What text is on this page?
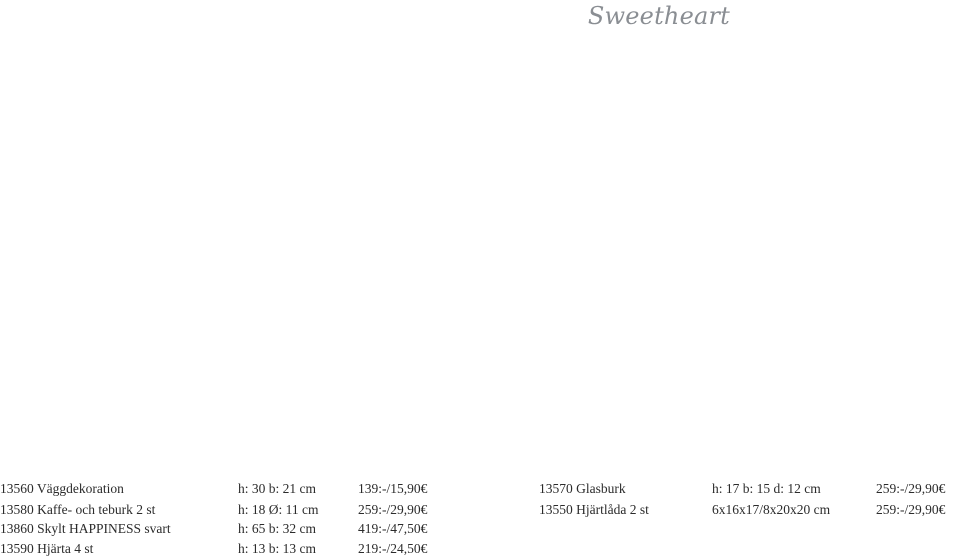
Sweetheart
13560 Väggdekoration	h: 30 b: 21 cm	139:-/15,90€
13580 Kaffe- och teburk 2 st	h: 18 Ø: 11 cm	259:-/29,90€
13860 Skylt HAPPINESS svart	h: 65 b: 32 cm	419:-/47,50€
13590 Hjärta 4 st	h: 13 b: 13 cm	219:-/24,50€
13570 Glasburk	h: 17 b: 15 d: 12 cm	259:-/29,90€
13550 Hjärtlåda 2 st	6x16x17/8x20x20 cm	259:-/29,90€
